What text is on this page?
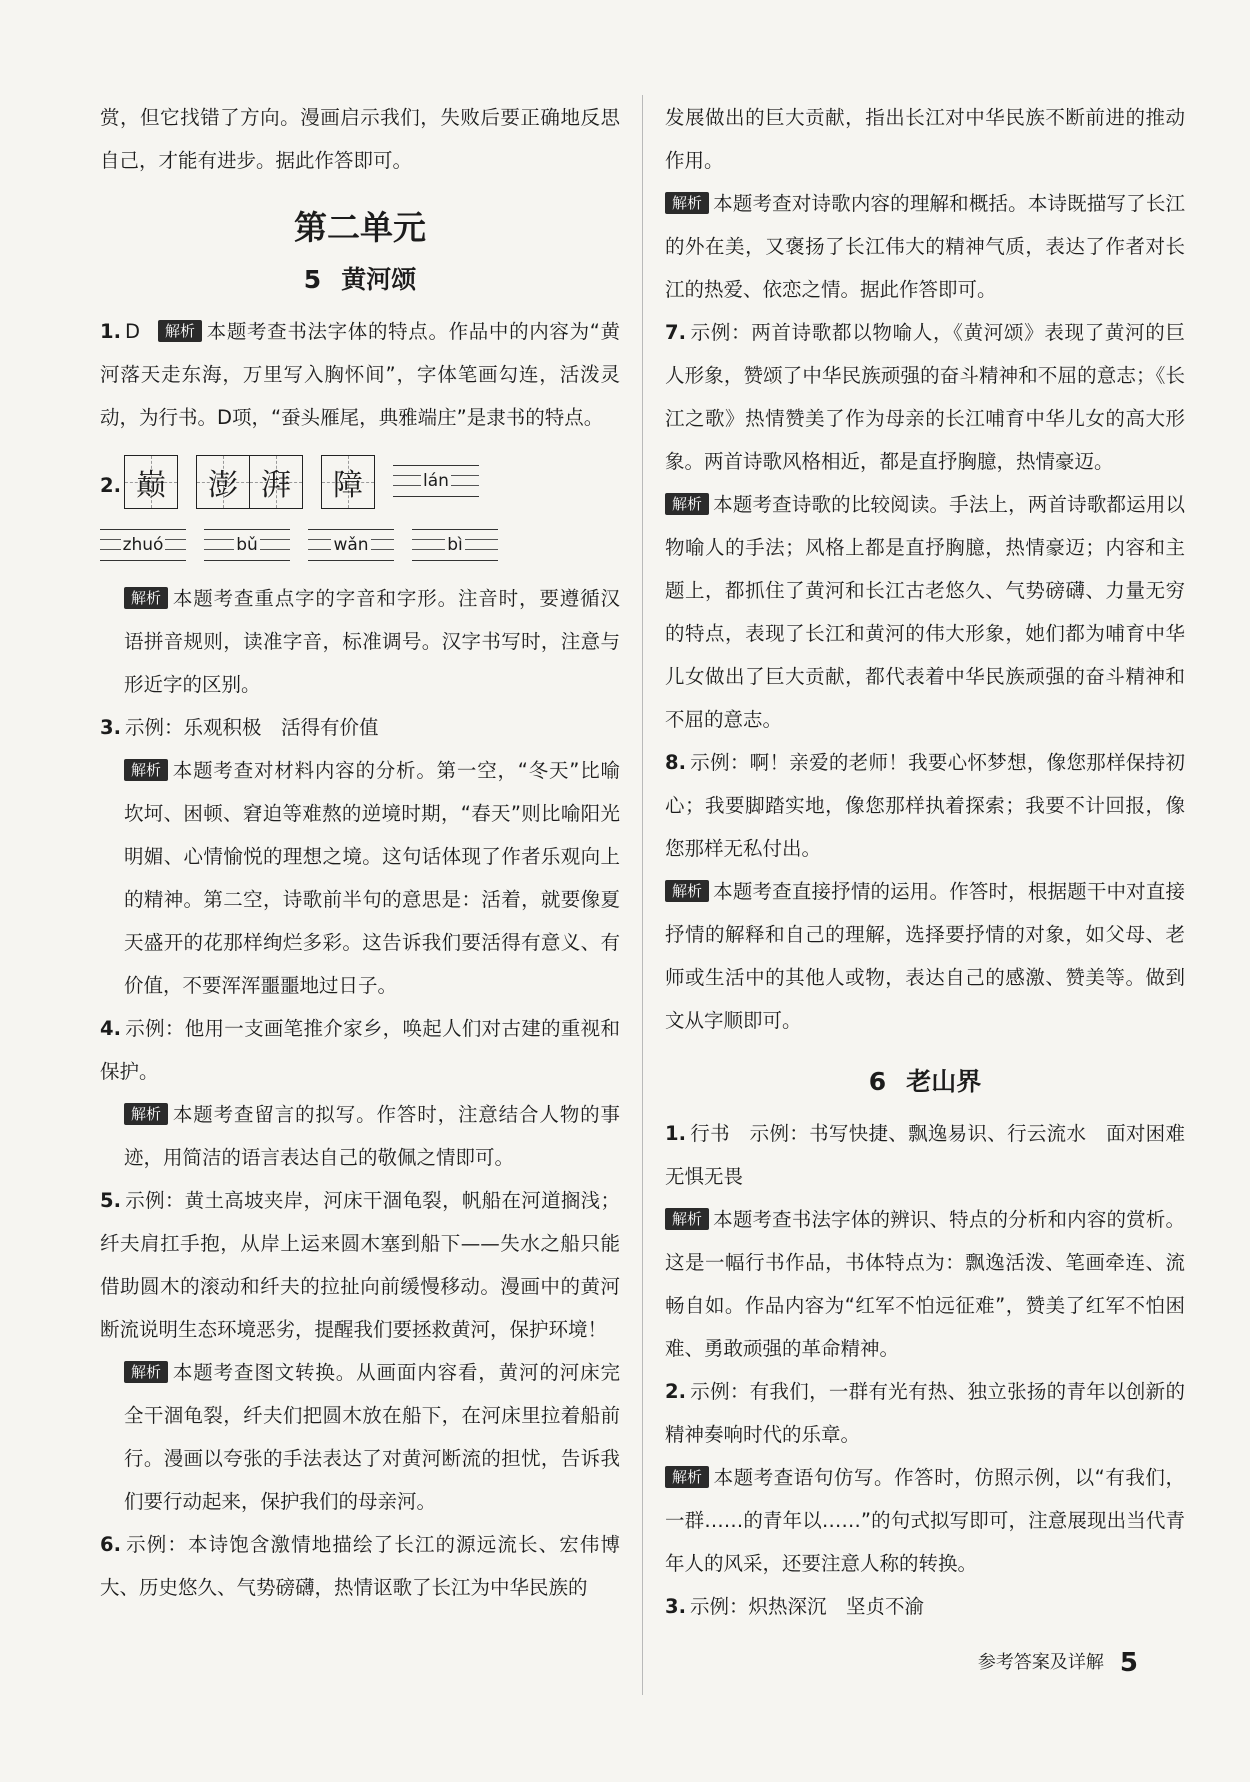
赏，但它找错了方向。漫画启示我们，失败后要正确地反思自己，才能有进步。据此作答即可。

第二单元
5 黄河颂

1. D 解析 本题考查书法字体的特点。作品中的内容为“黄河落天走东海，万里写入胸怀间”，字体笔画勾连，活泼灵动，为行书。D项，“蚕头雁尾，典雅端庄”是隶书的特点。

2. 巅 澎 湃 障	lán
zhuó	bǔ	wǎn	bì

解析 本题考查重点字的字音和字形。注音时，要遵循汉语拼音规则，读准字音，标准调号。汉字书写时，注意与形近字的区别。

3. 示例：乐观积极　活得有价值

解析 本题考查对材料内容的分析。第一空，“冬天”比喻坎坷、困顿、窘迫等难熬的逆境时期，“春天”则比喻阳光明媚、心情愉悦的理想之境。这句话体现了作者乐观向上的精神。第二空，诗歌前半句的意思是：活着，就要像夏天盛开的花那样绚烂多彩。这告诉我们要活得有意义、有价值，不要浑浑噩噩地过日子。

4. 示例：他用一支画笔推介家乡，唤起人们对古建的重视和保护。

解析 本题考查留言的拟写。作答时，注意结合人物的事迹，用简洁的语言表达自己的敬佩之情即可。

5. 示例：黄土高坡夹岸，河床干涸龟裂，帆船在河道搁浅；纤夫肩扛手抱，从岸上运来圆木塞到船下——失水之船只能借助圆木的滚动和纤夫的拉扯向前缓慢移动。漫画中的黄河断流说明生态环境恶劣，提醒我们要拯救黄河，保护环境！

解析 本题考查图文转换。从画面内容看，黄河的河床完全干涸龟裂，纤夫们把圆木放在船下，在河床里拉着船前行。漫画以夸张的手法表达了对黄河断流的担忧，告诉我们要行动起来，保护我们的母亲河。

6. 示例：本诗饱含激情地描绘了长江的源远流长、宏伟博大、历史悠久、气势磅礴，热情讴歌了长江为中华民族的

发展做出的巨大贡献，指出长江对中华民族不断前进的推动作用。

解析 本题考查对诗歌内容的理解和概括。本诗既描写了长江的外在美，又褒扬了长江伟大的精神气质，表达了作者对长江的热爱、依恋之情。据此作答即可。

7. 示例：两首诗歌都以物喻人，《黄河颂》表现了黄河的巨人形象，赞颂了中华民族顽强的奋斗精神和不屈的意志；《长江之歌》热情赞美了作为母亲的长江哺育中华儿女的高大形象。两首诗歌风格相近，都是直抒胸臆，热情豪迈。

解析 本题考查诗歌的比较阅读。手法上，两首诗歌都运用以物喻人的手法；风格上都是直抒胸臆，热情豪迈；内容和主题上，都抓住了黄河和长江古老悠久、气势磅礴、力量无穷的特点，表现了长江和黄河的伟大形象，她们都为哺育中华儿女做出了巨大贡献，都代表着中华民族顽强的奋斗精神和不屈的意志。

8. 示例：啊！亲爱的老师！我要心怀梦想，像您那样保持初心；我要脚踏实地，像您那样执着探索；我要不计回报，像您那样无私付出。

解析 本题考查直接抒情的运用。作答时，根据题干中对直接抒情的解释和自己的理解，选择要抒情的对象，如父母、老师或生活中的其他人或物，表达自己的感激、赞美等。做到文从字顺即可。

6 老山界

1. 行书　示例：书写快捷、飘逸易识、行云流水　面对困难无惧无畏

解析 本题考查书法字体的辨识、特点的分析和内容的赏析。这是一幅行书作品，书体特点为：飘逸活泼、笔画牵连、流畅自如。作品内容为“红军不怕远征难”，赞美了红军不怕困难、勇敢顽强的革命精神。

2. 示例：有我们，一群有光有热、独立张扬的青年以创新的精神奏响时代的乐章。

解析 本题考查语句仿写。作答时，仿照示例，以“有我们，一群……的青年以……”的句式拟写即可，注意展现出当代青年人的风采，还要注意人称的转换。

3. 示例：炽热深沉　坚贞不渝

参考答案及详解 5
